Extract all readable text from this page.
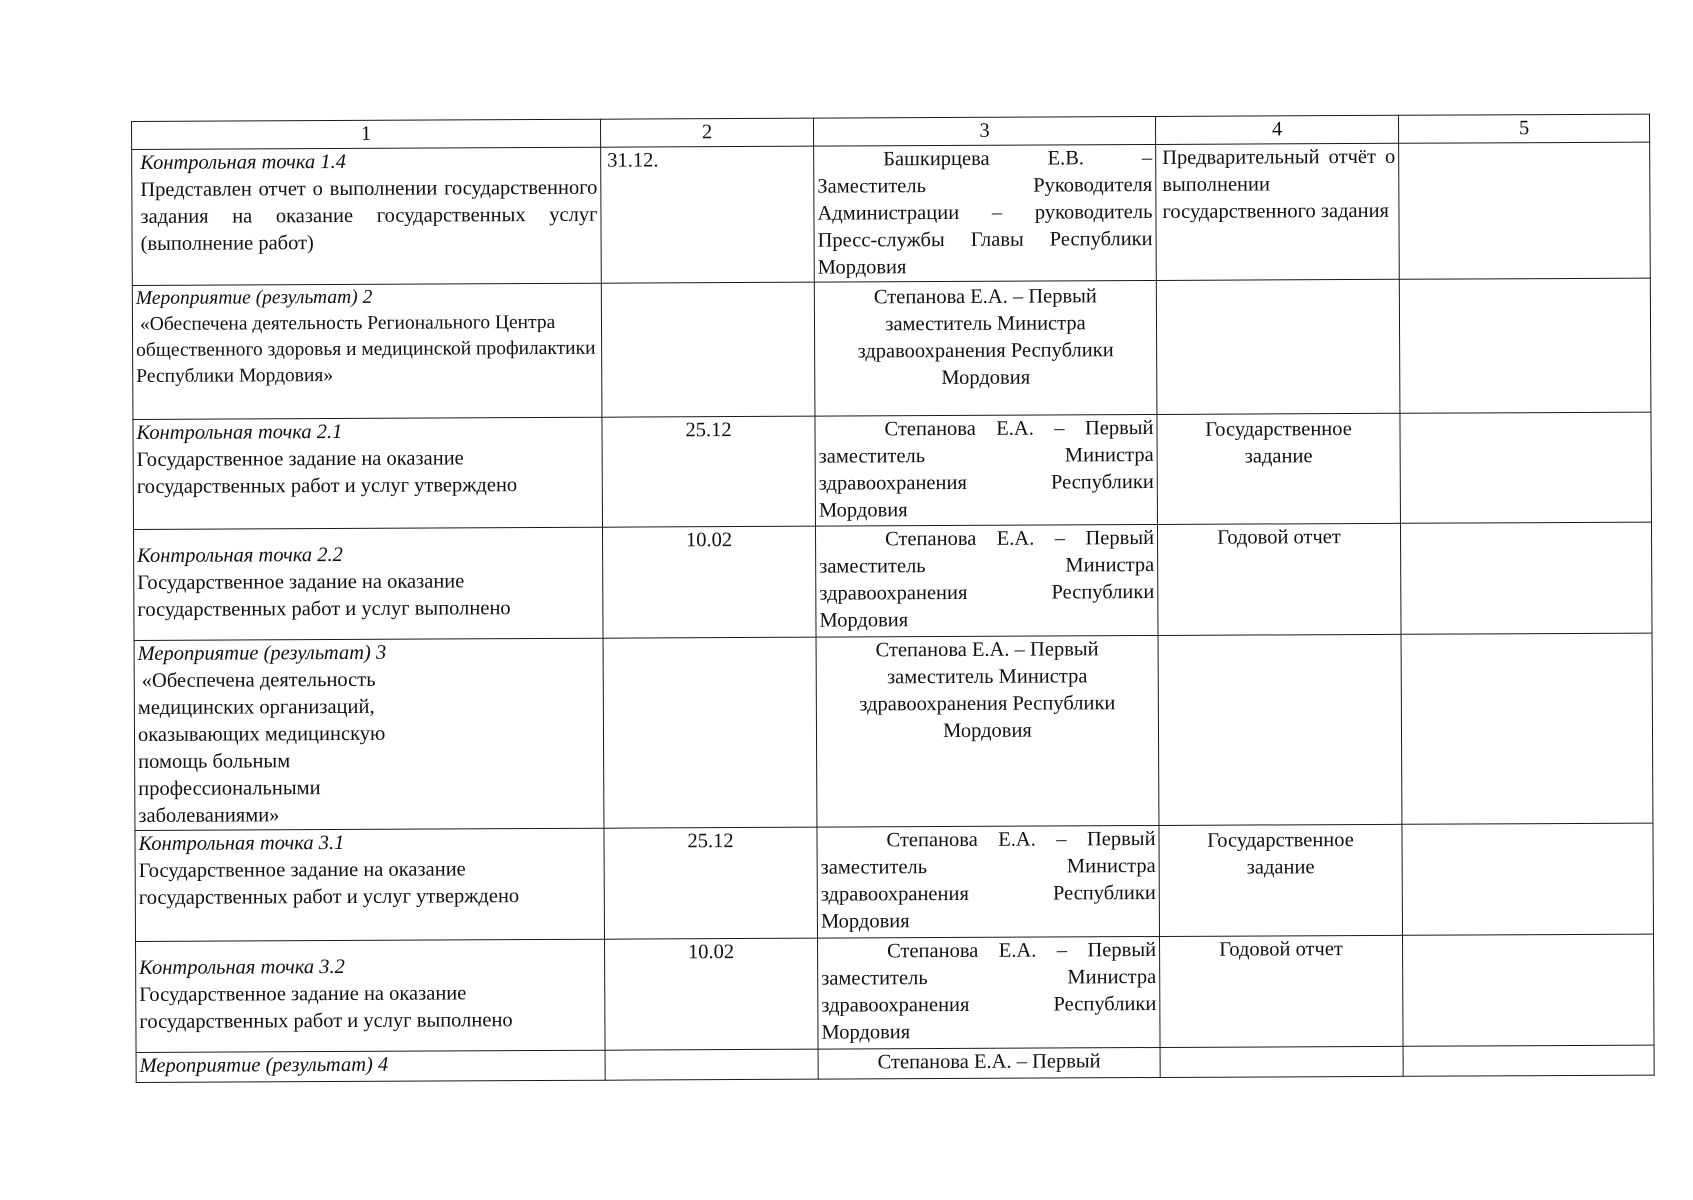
1	2	3	4	5

Контрольная точка 1.4
Представлен отчет о выполнении государственного задания на оказание государственных услуг (выполнение работ)	31.12.	Башкирцева Е.В. – Заместитель Руководителя Администрации – руководитель Пресс-службы Главы Республики Мордовия	Предварительный отчёт о выполнении государственного задания	

Мероприятие (результат) 2
«Обеспечена деятельность Регионального Центра общественного здоровья и медицинской профилактики Республики Мордовия»		Степанова Е.А. – Первый заместитель Министра здравоохранения Республики Мордовия		

Контрольная точка 2.1
Государственное задание на оказание государственных работ и услуг утверждено	25.12	Степанова Е.А. – Первый заместитель Министра здравоохранения Республики Мордовия	Государственное задание	

Контрольная точка 2.2
Государственное задание на оказание государственных работ и услуг выполнено	10.02	Степанова Е.А. – Первый заместитель Министра здравоохранения Республики Мордовия	Годовой отчет	

Мероприятие (результат) 3
«Обеспечена деятельность медицинских организаций, оказывающих медицинскую помощь больным профессиональными заболеваниями»		Степанова Е.А. – Первый заместитель Министра здравоохранения Республики Мордовия		

Контрольная точка 3.1
Государственное задание на оказание государственных работ и услуг утверждено	25.12	Степанова Е.А. – Первый заместитель Министра здравоохранения Республики Мордовия	Государственное задание	

Контрольная точка 3.2
Государственное задание на оказание государственных работ и услуг выполнено	10.02	Степанова Е.А. – Первый заместитель Министра здравоохранения Республики Мордовия	Годовой отчет	

Мероприятие (результат) 4		Степанова Е.А. – Первый		
